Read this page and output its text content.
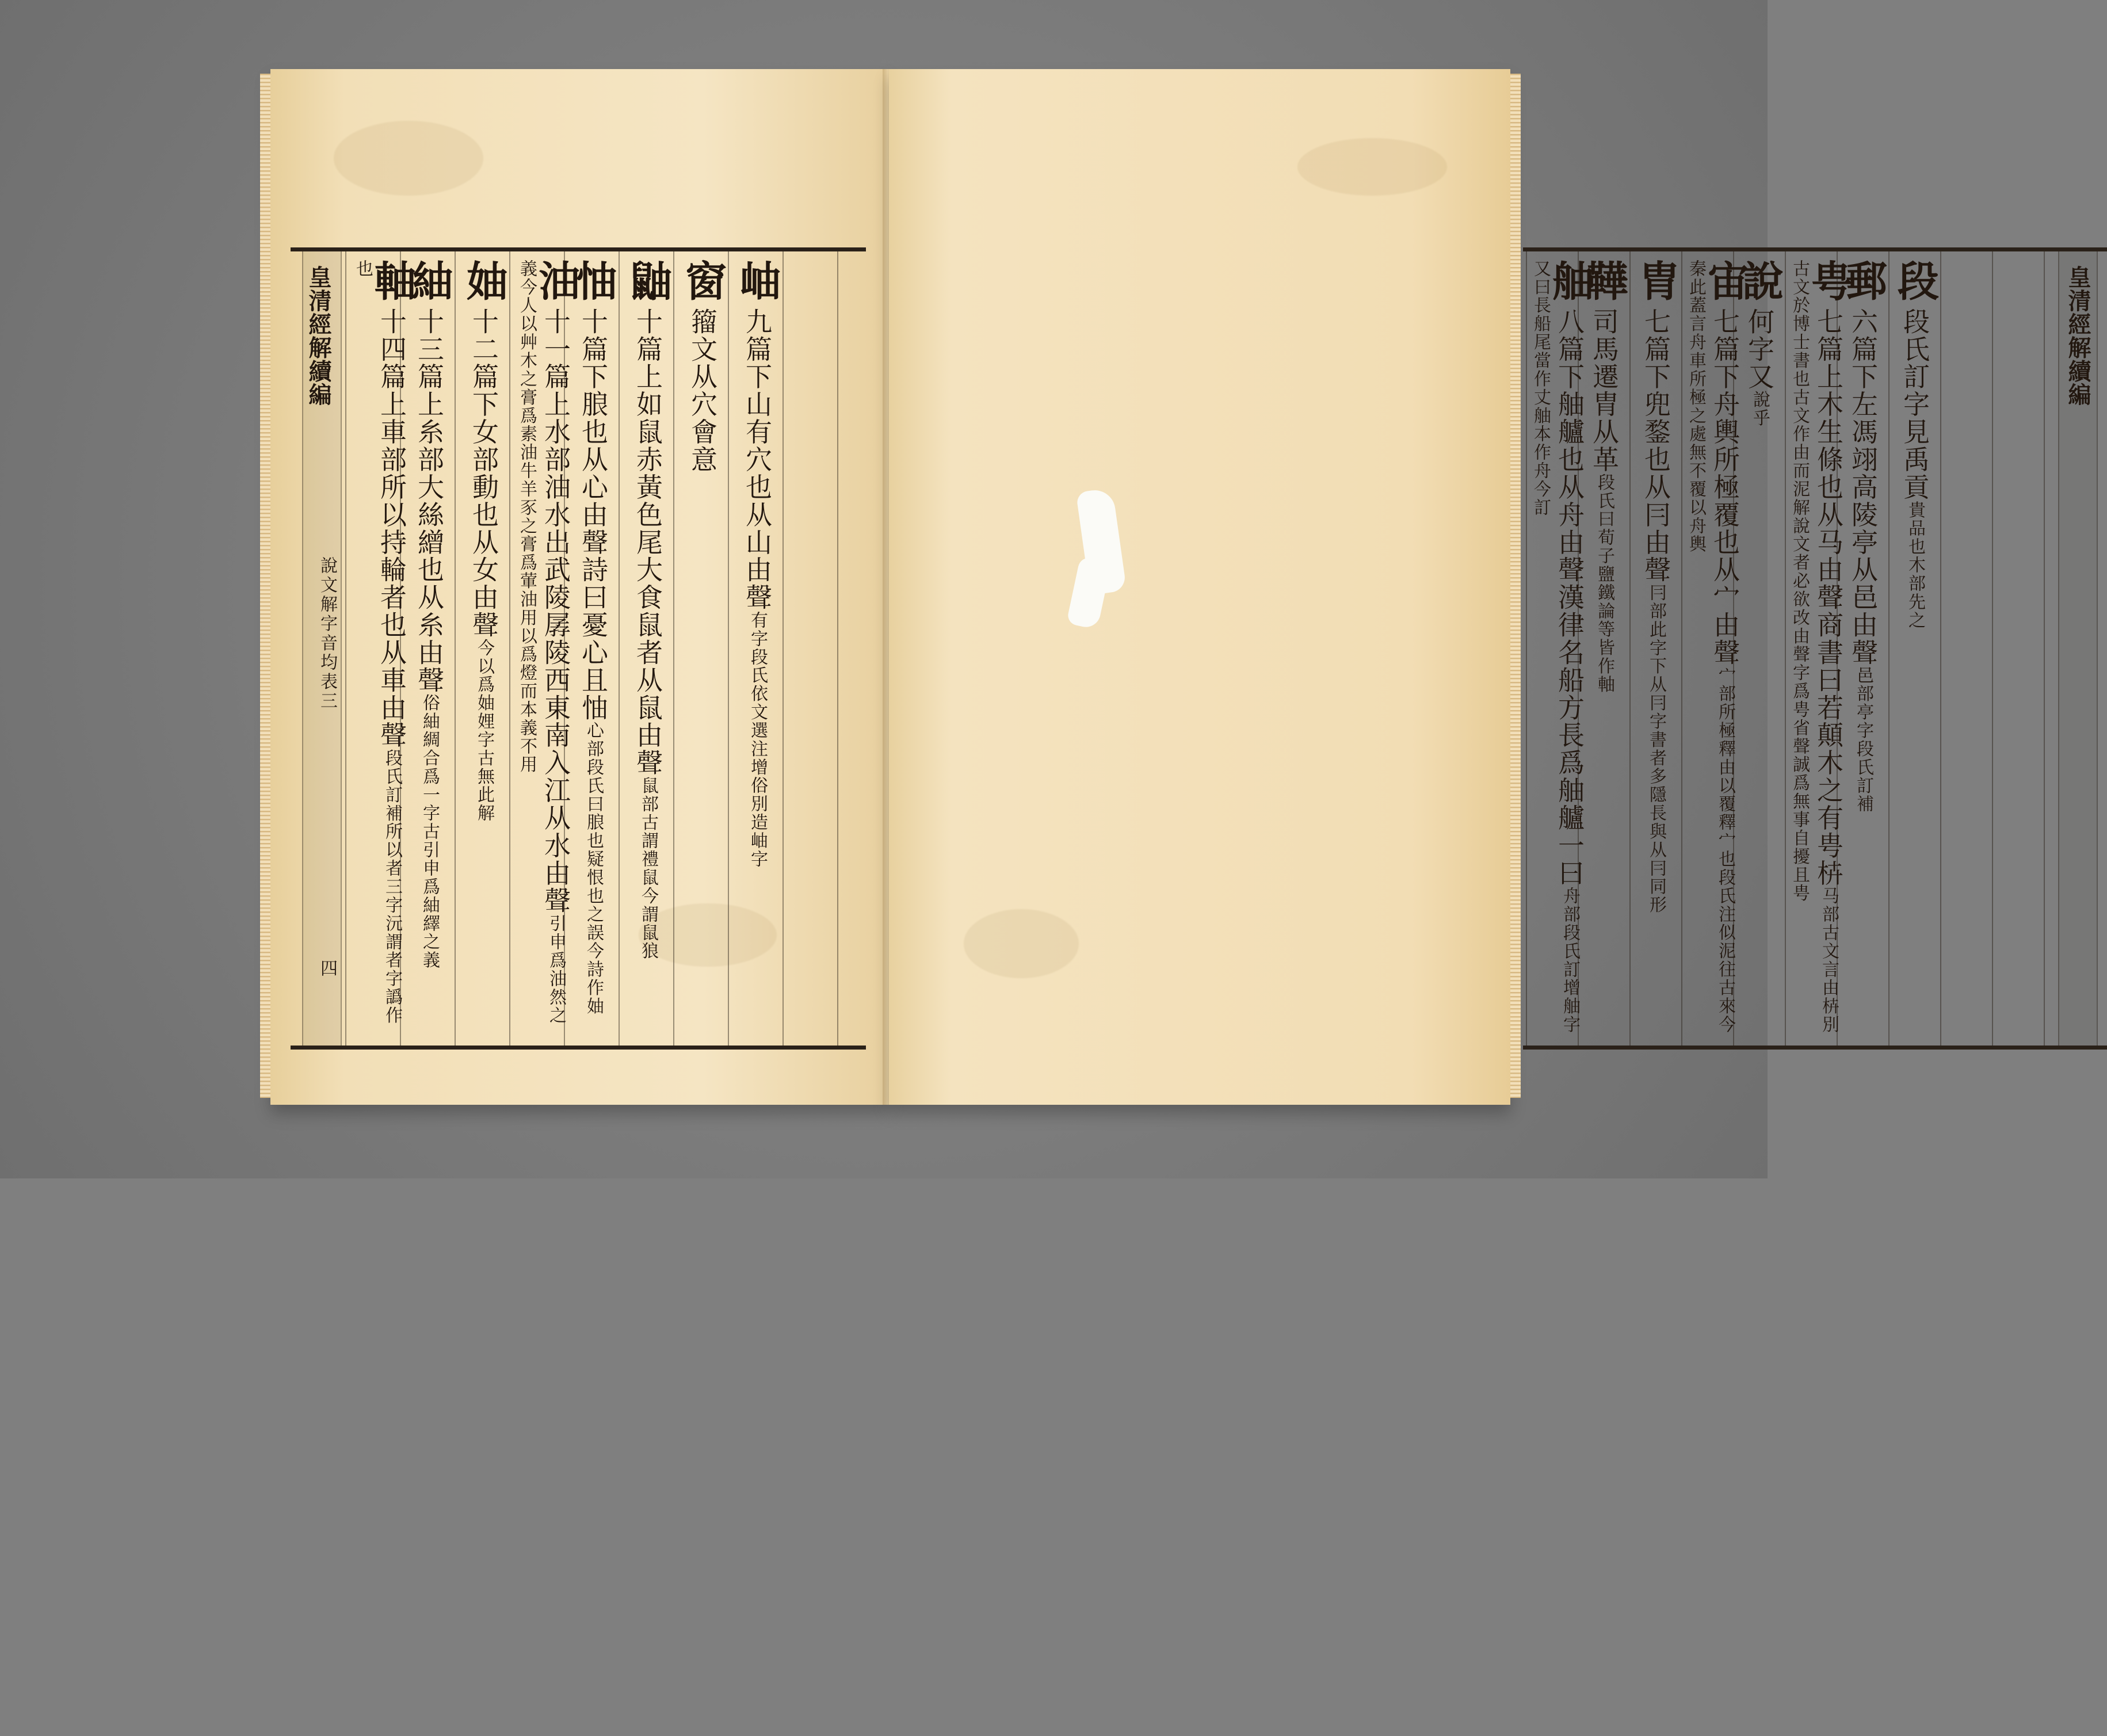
皇清經解續編
說文解字音均表三
四
軸十四篇上車部所以持輪者也从車由聲段氏訂補所以者三字沅謂者字譌作也 紬十三篇上糸部大絲繒也从糸由聲俗紬綢合爲一字古引申爲紬繹之義
妯十二篇下女部動也从女由聲今以爲妯娌字古無此解
油十一篇上水部油水出武陵孱陵西東南入江从水由聲引申爲油然之義今人以艸木之膏爲素油牛羊豕之膏爲葷油用以爲燈而本義不用 怞十篇下朖也从心由聲詩曰憂心且怞心部段氏曰朖也疑恨也之誤今詩作妯
鼬十篇上如鼠赤黃色尾大食鼠者从鼠由聲鼠部古謂禮鼠今謂鼠狼
窗籀文从穴會意
岫九篇下山有穴也从山由聲有字段氏依文選注增俗別造岫字
皇清經解續編
舳八篇下舳艫也从舟由聲漢律名船方長爲舳艫一曰舟部段氏訂增舳字又曰長船尾當作丈舳本作舟今訂 鞾司馬遷胄从革段氏曰荀子鹽鐵論等皆作軸
胄七篇下兜鍪也从冃由聲冃部此字下从冃字書者多隱長與从冃同形
宙七篇下舟輿所極覆也从宀由聲宀部所極釋由以覆釋宀也段氏注似泥往古來今秦此蓋言舟車所極之處無不覆以舟輿 說何字又說乎
甹七篇上木生條也从马由聲商書曰若顛木之有甹枿马部古文言由枿別古文於博士書也古文作由而泥解說文者必欲改由聲字爲甹省聲誠爲無事自擾且甹 郵六篇下左馮翊高陵亭从邑由聲邑部亭字段氏訂補
段段氏訂字見禹貢貴品也木部先之
